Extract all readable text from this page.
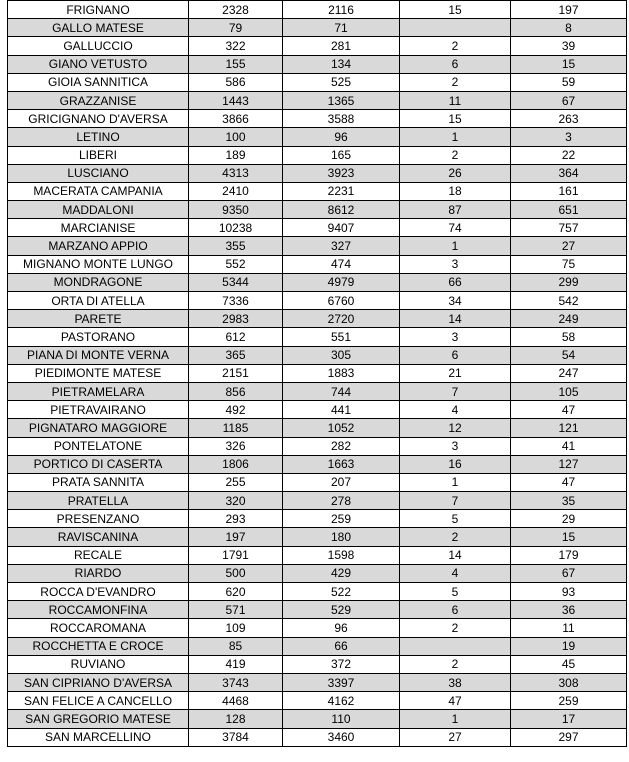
FRIGNANO	2328	2116	15	197
GALLO MATESE	79	71		8
GALLUCCIO	322	281	2	39
GIANO VETUSTO	155	134	6	15
GIOIA SANNITICA	586	525	2	59
GRAZZANISE	1443	1365	11	67
GRICIGNANO D'AVERSA	3866	3588	15	263
LETINO	100	96	1	3
LIBERI	189	165	2	22
LUSCIANO	4313	3923	26	364
MACERATA CAMPANIA	2410	2231	18	161
MADDALONI	9350	8612	87	651
MARCIANISE	10238	9407	74	757
MARZANO APPIO	355	327	1	27
MIGNANO MONTE LUNGO	552	474	3	75
MONDRAGONE	5344	4979	66	299
ORTA DI ATELLA	7336	6760	34	542
PARETE	2983	2720	14	249
PASTORANO	612	551	3	58
PIANA DI MONTE VERNA	365	305	6	54
PIEDIMONTE MATESE	2151	1883	21	247
PIETRAMELARA	856	744	7	105
PIETRAVAIRANO	492	441	4	47
PIGNATARO MAGGIORE	1185	1052	12	121
PONTELATONE	326	282	3	41
PORTICO DI CASERTA	1806	1663	16	127
PRATA SANNITA	255	207	1	47
PRATELLA	320	278	7	35
PRESENZANO	293	259	5	29
RAVISCANINA	197	180	2	15
RECALE	1791	1598	14	179
RIARDO	500	429	4	67
ROCCA D'EVANDRO	620	522	5	93
ROCCAMONFINA	571	529	6	36
ROCCAROMANA	109	96	2	11
ROCCHETTA E CROCE	85	66		19
RUVIANO	419	372	2	45
SAN CIPRIANO D'AVERSA	3743	3397	38	308
SAN FELICE A CANCELLO	4468	4162	47	259
SAN GREGORIO MATESE	128	110	1	17
SAN MARCELLINO	3784	3460	27	297
